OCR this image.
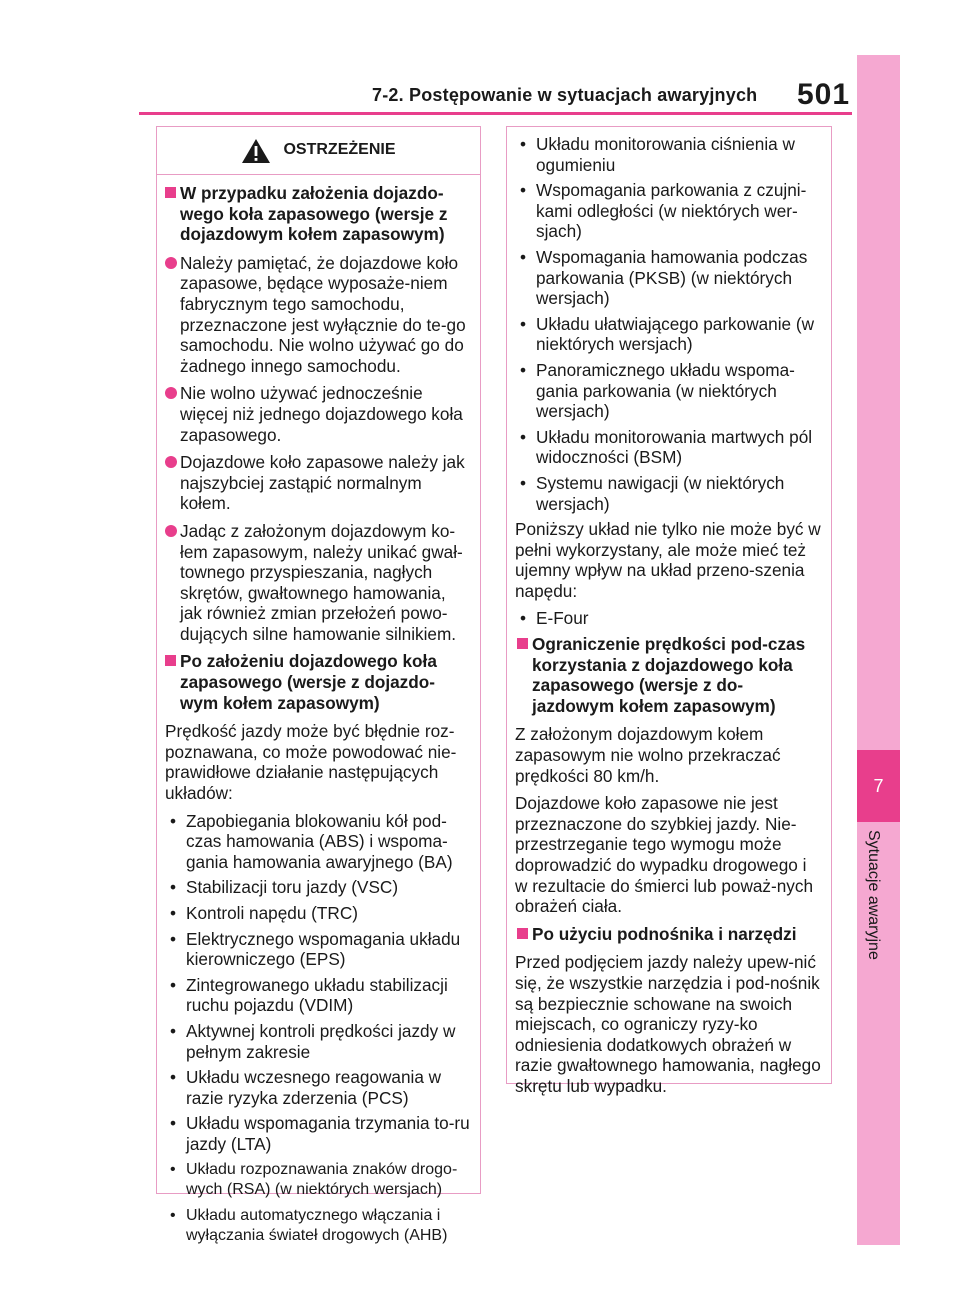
7-2. Postępowanie w sytuacjach awaryjnych 501
7
Sytuacje awaryjne
OSTRZEŻENIE
W przypadku założenia dojazdo-wego koła zapasowego (wersje z dojazdowym kołem zapasowym)
Należy pamiętać, że dojazdowe koło zapasowe, będące wyposaże-niem fabrycznym tego samochodu, przeznaczone jest wyłącznie do te-go samochodu. Nie wolno używać go do żadnego innego samochodu.
Nie wolno używać jednocześnie więcej niż jednego dojazdowego koła zapasowego.
Dojazdowe koło zapasowe należy jak najszybciej zastąpić normalnym kołem.
Jadąc z założonym dojazdowym ko-łem zapasowym, należy unikać gwał-townego przyspieszania, nagłych skrętów, gwałtownego hamowania, jak również zmian przełożeń powo-dujących silne hamowanie silnikiem.
Po założeniu dojazdowego koła zapasowego (wersje z dojazdo-wym kołem zapasowym)
Prędkość jazdy może być błędnie roz-poznawana, co może powodować nie-prawidłowe działanie następujących układów:
• Zapobiegania blokowaniu kół pod-czas hamowania (ABS) i wspoma-gania hamowania awaryjnego (BA)
• Stabilizacji toru jazdy (VSC)
• Kontroli napędu (TRC)
• Elektrycznego wspomagania układu kierowniczego (EPS)
• Zintegrowanego układu stabilizacji ruchu pojazdu (VDIM)
• Aktywnej kontroli prędkości jazdy w pełnym zakresie
• Układu wczesnego reagowania w razie ryzyka zderzenia (PCS)
• Układu wspomagania trzymania to-ru jazdy (LTA)
• Układu rozpoznawania znaków drogo-wych (RSA) (w niektórych wersjach)
• Układu automatycznego włączania i wyłączania świateł drogowych (AHB)
• Układu monitorowania ciśnienia w ogumieniu
• Wspomagania parkowania z czujni-kami odległości (w niektórych wer-sjach)
• Wspomagania hamowania podczas parkowania (PKSB) (w niektórych wersjach)
• Układu ułatwiającego parkowanie (w niektórych wersjach)
• Panoramicznego układu wspoma-gania parkowania (w niektórych wersjach)
• Układu monitorowania martwych pól widoczności (BSM)
• Systemu nawigacji (w niektórych wersjach)
Poniższy układ nie tylko nie może być w pełni wykorzystany, ale może mieć też ujemny wpływ na układ przeno-szenia napędu:
• E-Four
Ograniczenie prędkości pod-czas korzystania z dojazdowego koła zapasowego (wersje z do-jazdowym kołem zapasowym)
Z założonym dojazdowym kołem zapasowym nie wolno przekraczać prędkości 80 km/h.
Dojazdowe koło zapasowe nie jest przeznaczone do szybkiej jazdy. Nie-przestrzeganie tego wymogu może doprowadzić do wypadku drogowego i w rezultacie do śmierci lub poważ-nych obrażeń ciała.
Po użyciu podnośnika i narzędzi
Przed podjęciem jazdy należy upew-nić się, że wszystkie narzędzia i pod-nośnik są bezpiecznie schowane na swoich miejscach, co ograniczy ryzy-ko odniesienia dodatkowych obrażeń w razie gwałtownego hamowania, nagłego skrętu lub wypadku.
